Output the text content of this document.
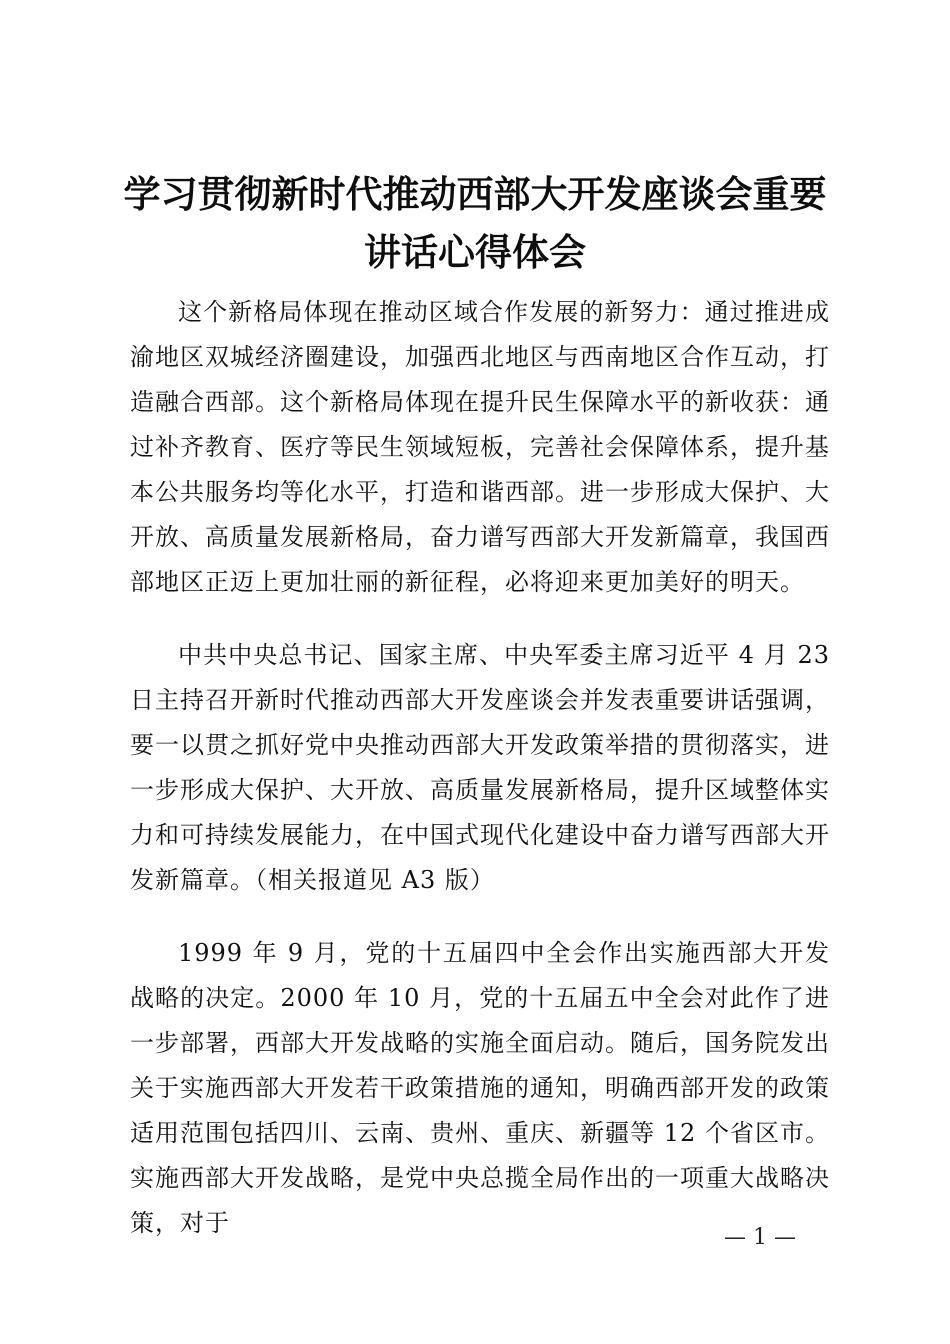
学习贯彻新时代推动西部大开发座谈会重要讲话心得体会

这个新格局体现在推动区域合作发展的新努力：通过推进成渝地区双城经济圈建设，加强西北地区与西南地区合作互动，打造融合西部。这个新格局体现在提升民生保障水平的新收获：通过补齐教育、医疗等民生领域短板，完善社会保障体系，提升基本公共服务均等化水平，打造和谐西部。进一步形成大保护、大开放、高质量发展新格局，奋力谱写西部大开发新篇章，我国西部地区正迈上更加壮丽的新征程，必将迎来更加美好的明天。

中共中央总书记、国家主席、中央军委主席习近平 4 月 23 日主持召开新时代推动西部大开发座谈会并发表重要讲话强调，要一以贯之抓好党中央推动西部大开发政策举措的贯彻落实，进一步形成大保护、大开放、高质量发展新格局，提升区域整体实力和可持续发展能力，在中国式现代化建设中奋力谱写西部大开发新篇章。（相关报道见 A3 版）

1999 年 9 月，党的十五届四中全会作出实施西部大开发战略的决定。2000 年 10 月，党的十五届五中全会对此作了进一步部署，西部大开发战略的实施全面启动。随后，国务院发出关于实施西部大开发若干政策措施的通知，明确西部开发的政策适用范围包括四川、云南、贵州、重庆、新疆等 12 个省区市。实施西部大开发战略，是党中央总揽全局作出的一项重大战略决策，对于

— 1 —
